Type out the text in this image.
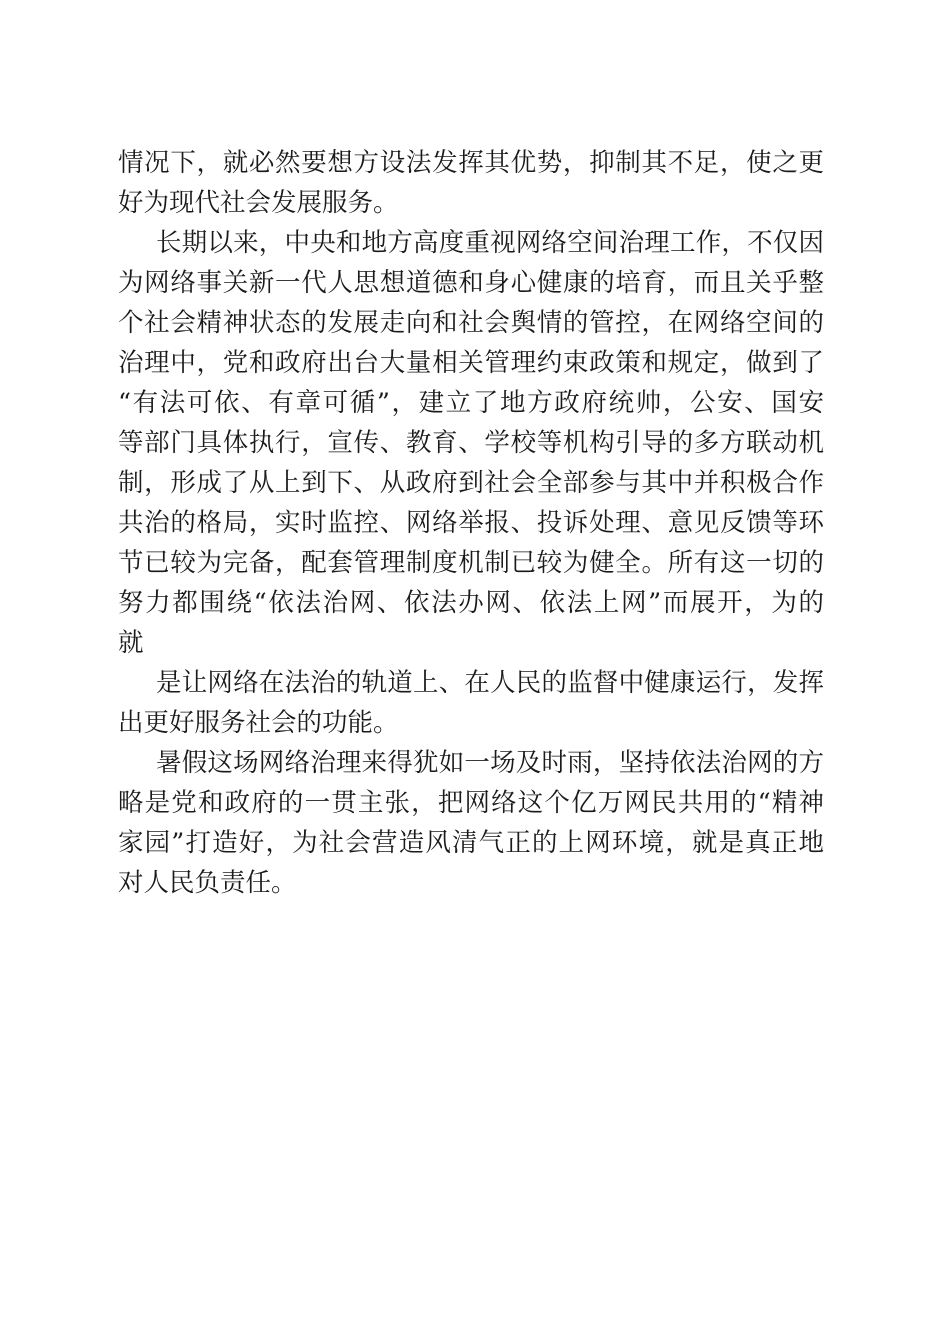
情况下，就必然要想方设法发挥其优势，抑制其不足，使之更
好为现代社会发展服务。
长期以来，中央和地方高度重视网络空间治理工作，不仅因
为网络事关新一代人思想道德和身心健康的培育，而且关乎整
个社会精神状态的发展走向和社会舆情的管控，在网络空间的
治理中，党和政府出台大量相关管理约束政策和规定，做到了
“有法可依、有章可循”，建立了地方政府统帅，公安、国安
等部门具体执行，宣传、教育、学校等机构引导的多方联动机
制，形成了从上到下、从政府到社会全部参与其中并积极合作
共治的格局，实时监控、网络举报、投诉处理、意见反馈等环
节已较为完备，配套管理制度机制已较为健全。所有这一切的
努力都围绕“依法治网、依法办网、依法上网”而展开，为的
就
是让网络在法治的轨道上、在人民的监督中健康运行，发挥
出更好服务社会的功能。
暑假这场网络治理来得犹如一场及时雨，坚持依法治网的方
略是党和政府的一贯主张，把网络这个亿万网民共用的“精神
家园”打造好，为社会营造风清气正的上网环境，就是真正地
对人民负责任。
